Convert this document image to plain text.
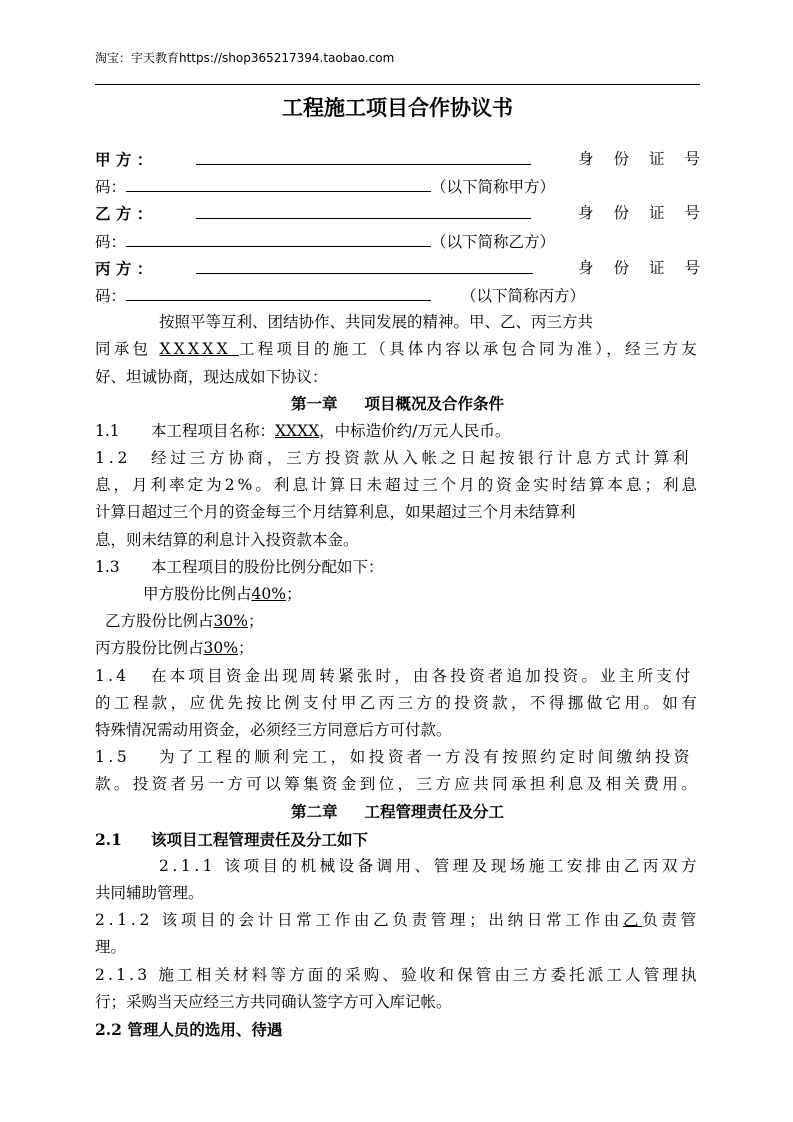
淘宝：宇天教育https://shop365217394.taobao.com
工程施工项目合作协议书
甲 方 ：	身份证号
码：	（以下简称甲方）
乙 方 ：	身份证号
码：	（以下简称乙方）
丙 方 ：	身份证号
码：	（以下简称丙方）
按照平等互利、团结协作、共同发展的精神。甲、乙、丙三方共
同承包 XXXXX 工程项目的施工（具体内容以承包合同为准），经三方友
好、坦诚协商，现达成如下协议：
第一章     项目概况及合作条件
1.1 本工程项目名称：XXXX，中标造价约/万元人民币。
1.2 经过三方协商，三方投资款从入帐之日起按银行计息方式计算利
息，月利率定为2%。利息计算日未超过三个月的资金实时结算本息；利息
计算日超过三个月的资金每三个月结算利息，如果超过三个月未结算利
息，则未结算的利息计入投资款本金。
1.3 本工程项目的股份比例分配如下：
甲方股份比例占40%；
乙方股份比例占30%；
丙方股份比例占30%；
1.4 在本项目资金出现周转紧张时，由各投资者追加投资。业主所支付
的工程款，应优先按比例支付甲乙丙三方的投资款，不得挪做它用。如有
特殊情况需动用资金，必须经三方同意后方可付款。
1.5 为了工程的顺利完工，如投资者一方没有按照约定时间缴纳投资
款。投资者另一方可以筹集资金到位，三方应共同承担利息及相关费用。
第二章     工程管理责任及分工
2.1 该项目工程管理责任及分工如下
2.1.1 该项目的机械设备调用、管理及现场施工安排由乙丙双方
共同辅助管理。
2.1.2 该项目的会计日常工作由乙负责管理；出纳日常工作由乙负责管
理。
2.1.3 施工相关材料等方面的采购、验收和保管由三方委托派工人管理执
行；采购当天应经三方共同确认签字方可入库记帐。
2.2 管理人员的选用、待遇
